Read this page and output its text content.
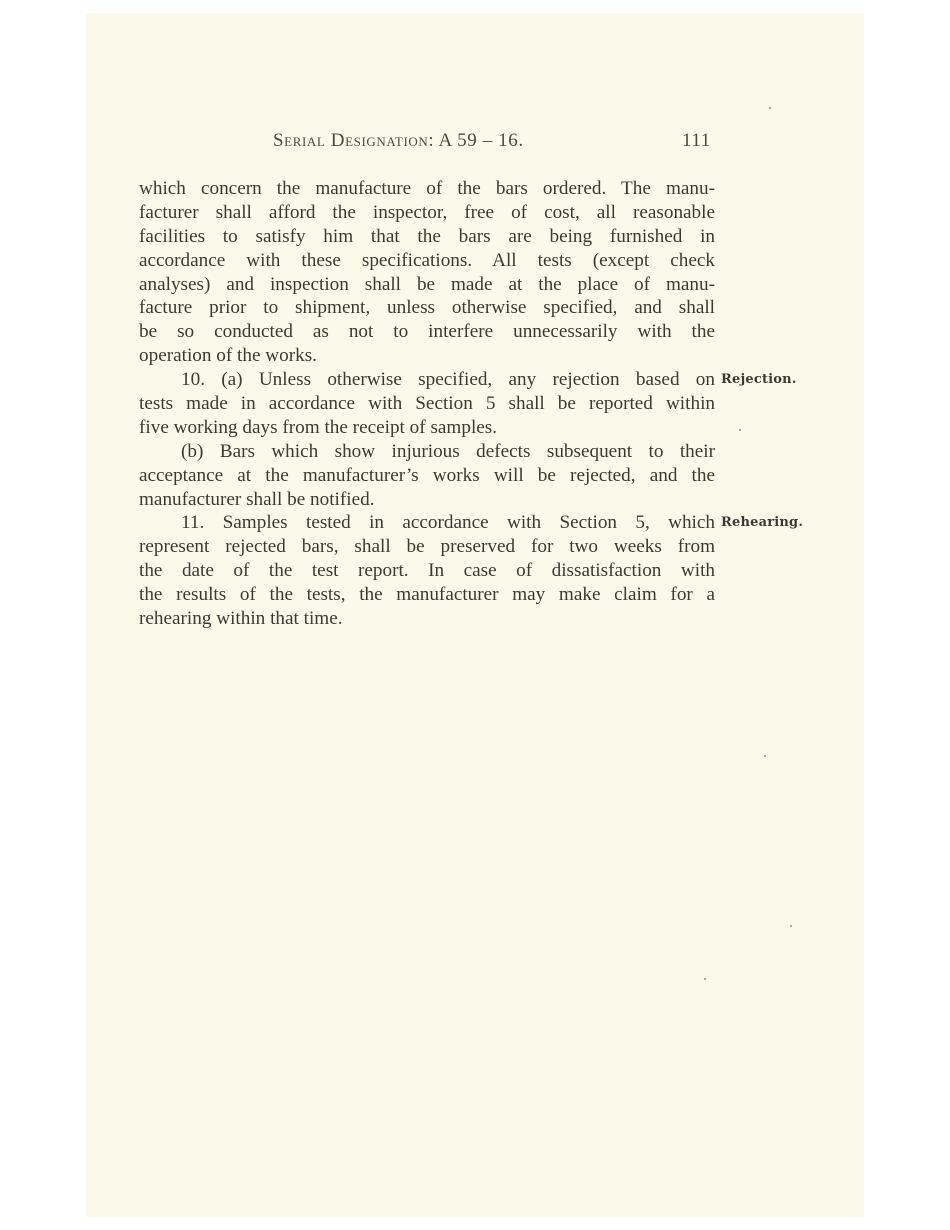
Serial Designation: A 59 – 16.	111
which concern the manufacture of the bars ordered. The manu-
facturer shall afford the inspector, free of cost, all reasonable
facilities to satisfy him that the bars are being furnished in
accordance with these specifications. All tests (except check
analyses) and inspection shall be made at the place of manu-
facture prior to shipment, unless otherwise specified, and shall
be so conducted as not to interfere unnecessarily with the
operation of the works.
10. (a) Unless otherwise specified, any rejection based on Rejection.
tests made in accordance with Section 5 shall be reported within
five working days from the receipt of samples.
(b) Bars which show injurious defects subsequent to their
acceptance at the manufacturer’s works will be rejected, and the
manufacturer shall be notified.
11. Samples tested in accordance with Section 5, which Rehearing.
represent rejected bars, shall be preserved for two weeks from
the date of the test report. In case of dissatisfaction with
the results of the tests, the manufacturer may make claim for a
rehearing within that time.
